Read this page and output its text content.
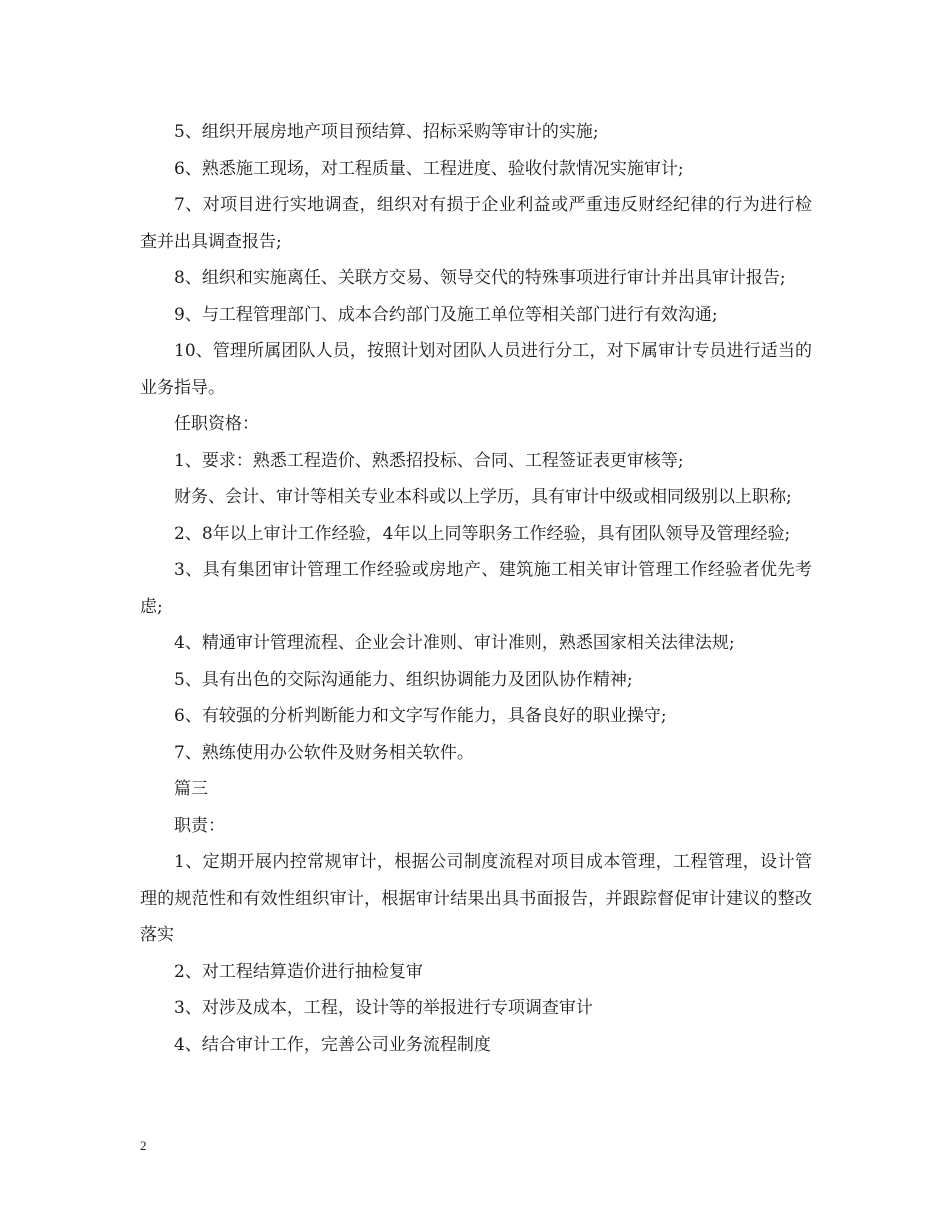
5、组织开展房地产项目预结算、招标采购等审计的实施;

6、熟悉施工现场，对工程质量、工程进度、验收付款情况实施审计;

7、对项目进行实地调查，组织对有损于企业利益或严重违反财经纪律的行为进行检查并出具调查报告;

8、组织和实施离任、关联方交易、领导交代的特殊事项进行审计并出具审计报告;

9、与工程管理部门、成本合约部门及施工单位等相关部门进行有效沟通;

10、管理所属团队人员，按照计划对团队人员进行分工，对下属审计专员进行适当的业务指导。

任职资格：

1、要求：熟悉工程造价、熟悉招投标、合同、工程签证表更审核等;

财务、会计、审计等相关专业本科或以上学历，具有审计中级或相同级别以上职称;

2、8年以上审计工作经验，4年以上同等职务工作经验，具有团队领导及管理经验;

3、具有集团审计管理工作经验或房地产、建筑施工相关审计管理工作经验者优先考虑;

4、精通审计管理流程、企业会计准则、审计准则，熟悉国家相关法律法规;

5、具有出色的交际沟通能力、组织协调能力及团队协作精神;

6、有较强的分析判断能力和文字写作能力，具备良好的职业操守;

7、熟练使用办公软件及财务相关软件。

篇三

职责：

1、定期开展内控常规审计，根据公司制度流程对项目成本管理，工程管理，设计管理的规范性和有效性组织审计，根据审计结果出具书面报告，并跟踪督促审计建议的整改落实

2、对工程结算造价进行抽检复审

3、对涉及成本，工程，设计等的举报进行专项调查审计

4、结合审计工作，完善公司业务流程制度

2
